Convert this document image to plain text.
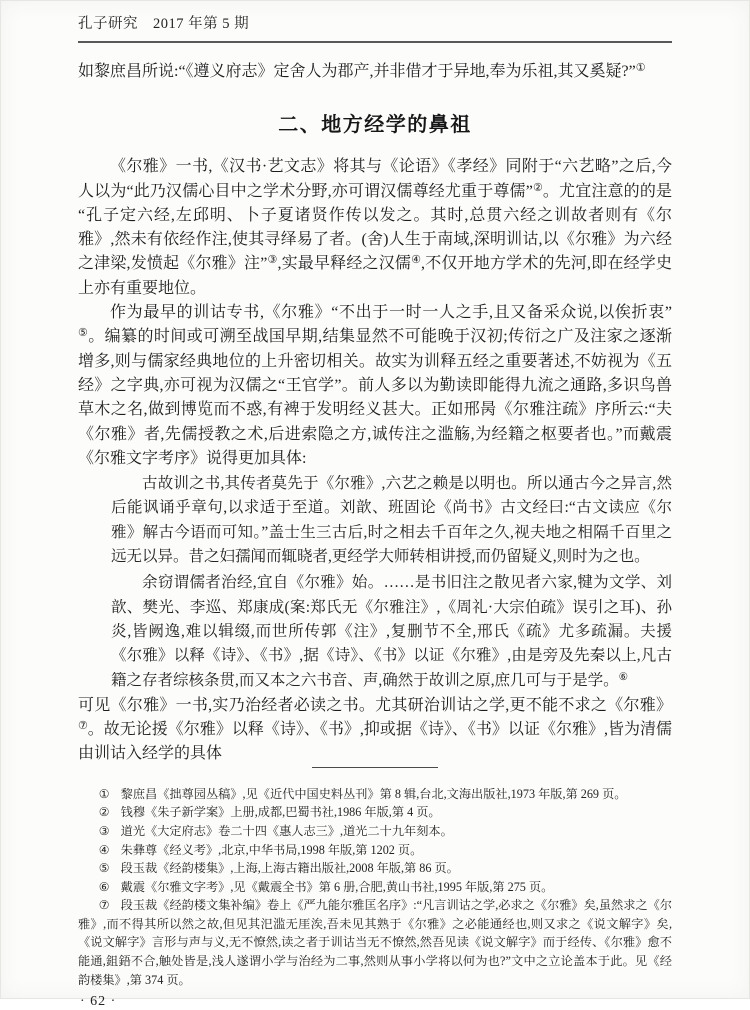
孔子研究　2017 年第 5 期

如黎庶昌所说:“《遵义府志》定舍人为郡产,并非借才于异地,奉为乐祖,其又奚疑?”①

二、地方经学的鼻祖

《尔雅》一书,《汉书·艺文志》将其与《论语》《孝经》同附于“六艺略”之后,今人以为“此乃汉儒心目中之学术分野,亦可谓汉儒尊经尤重于尊儒”②。尤宜注意的的是“孔子定六经,左邱明、卜子夏诸贤作传以发之。其时,总贯六经之训故者则有《尔雅》,然未有依经作注,使其寻绎易了者。(舍)人生于南域,深明训诂,以《尔雅》为六经之津梁,发愤起《尔雅》注”③,实最早释经之汉儒④,不仅开地方学术的先河,即在经学史上亦有重要地位。

作为最早的训诂专书,《尔雅》“不出于一时一人之手,且又备采众说,以俟折衷”⑤。编纂的时间或可溯至战国早期,结集显然不可能晚于汉初;传衍之广及注家之逐渐增多,则与儒家经典地位的上升密切相关。故实为训释五经之重要著述,不妨视为《五经》之字典,亦可视为汉儒之“王官学”。前人多以为勤读即能得九流之通路,多识鸟兽草木之名,做到博览而不惑,有裨于发明经义甚大。正如邢昺《尔雅注疏》序所云:“夫《尔雅》者,先儒授教之术,后进索隐之方,诚传注之滥觞,为经籍之枢要者也。”而戴震《尔雅文字考序》说得更加具体:

古故训之书,其传者莫先于《尔雅》,六艺之赖是以明也。所以通古今之异言,然后能讽诵乎章句,以求适于至道。刘歆、班固论《尚书》古文经曰:“古文读应《尔雅》解古今语而可知。”盖士生三古后,时之相去千百年之久,视夫地之相隔千百里之远无以异。昔之妇孺闻而辄晓者,更经学大师转相讲授,而仍留疑义,则时为之也。

余窃谓儒者治经,宜自《尔雅》始。……是书旧注之散见者六家,犍为文学、刘歆、樊光、李巡、郑康成(案:郑氏无《尔雅注》,《周礼·大宗伯疏》误引之耳)、孙炎,皆阙逸,难以辑缀,而世所传郭《注》,复删节不全,邢氏《疏》尤多疏漏。夫援《尔雅》以释《诗》、《书》,据《诗》、《书》以证《尔雅》,由是旁及先秦以上,凡古籍之存者综核条贯,而又本之六书音、声,确然于故训之原,庶几可与于是学。⑥

可见《尔雅》一书,实乃治经者必读之书。尤其研治训诂之学,更不能不求之《尔雅》⑦。故无论援《尔雅》以释《诗》、《书》,抑或据《诗》、《书》以证《尔雅》,皆为清儒由训诂入经学的具体

① 黎庶昌《拙尊园丛稿》,见《近代中国史料丛刊》第 8 辑,台北,文海出版社,1973 年版,第 269 页。

② 钱穆《朱子新学案》上册,成都,巴蜀书社,1986 年版,第 4 页。

③ 道光《大定府志》卷二十四《惠人志三》,道光二十九年刻本。

④ 朱彝尊《经义考》,北京,中华书局,1998 年版,第 1202 页。

⑤ 段玉裁《经韵楼集》,上海,上海古籍出版社,2008 年版,第 86 页。

⑥ 戴震《尔雅文字考》,见《戴震全书》第 6 册,合肥,黄山书社,1995 年版,第 275 页。

⑦ 段玉裁《经韵楼文集补编》卷上《严九能尔雅匡名序》:“凡言训诂之学,必求之《尔雅》矣,虽然求之《尔雅》,而不得其所以然之故,但见其汜滥无厓涘,吾未见其熟于《尔雅》之必能通经也,则又求之《说文解字》矣,《说文解字》言形与声与义,无不憭然,读之者于训诂当无不憭然,然吾见读《说文解字》而于经传、《尔雅》愈不能通,鉏鋙不合,触处皆是,浅人遂谓小学与治经为二事,然则从事小学将以何为也?”文中之立论盖本于此。见《经韵楼集》,第 374 页。

· 62 ·
